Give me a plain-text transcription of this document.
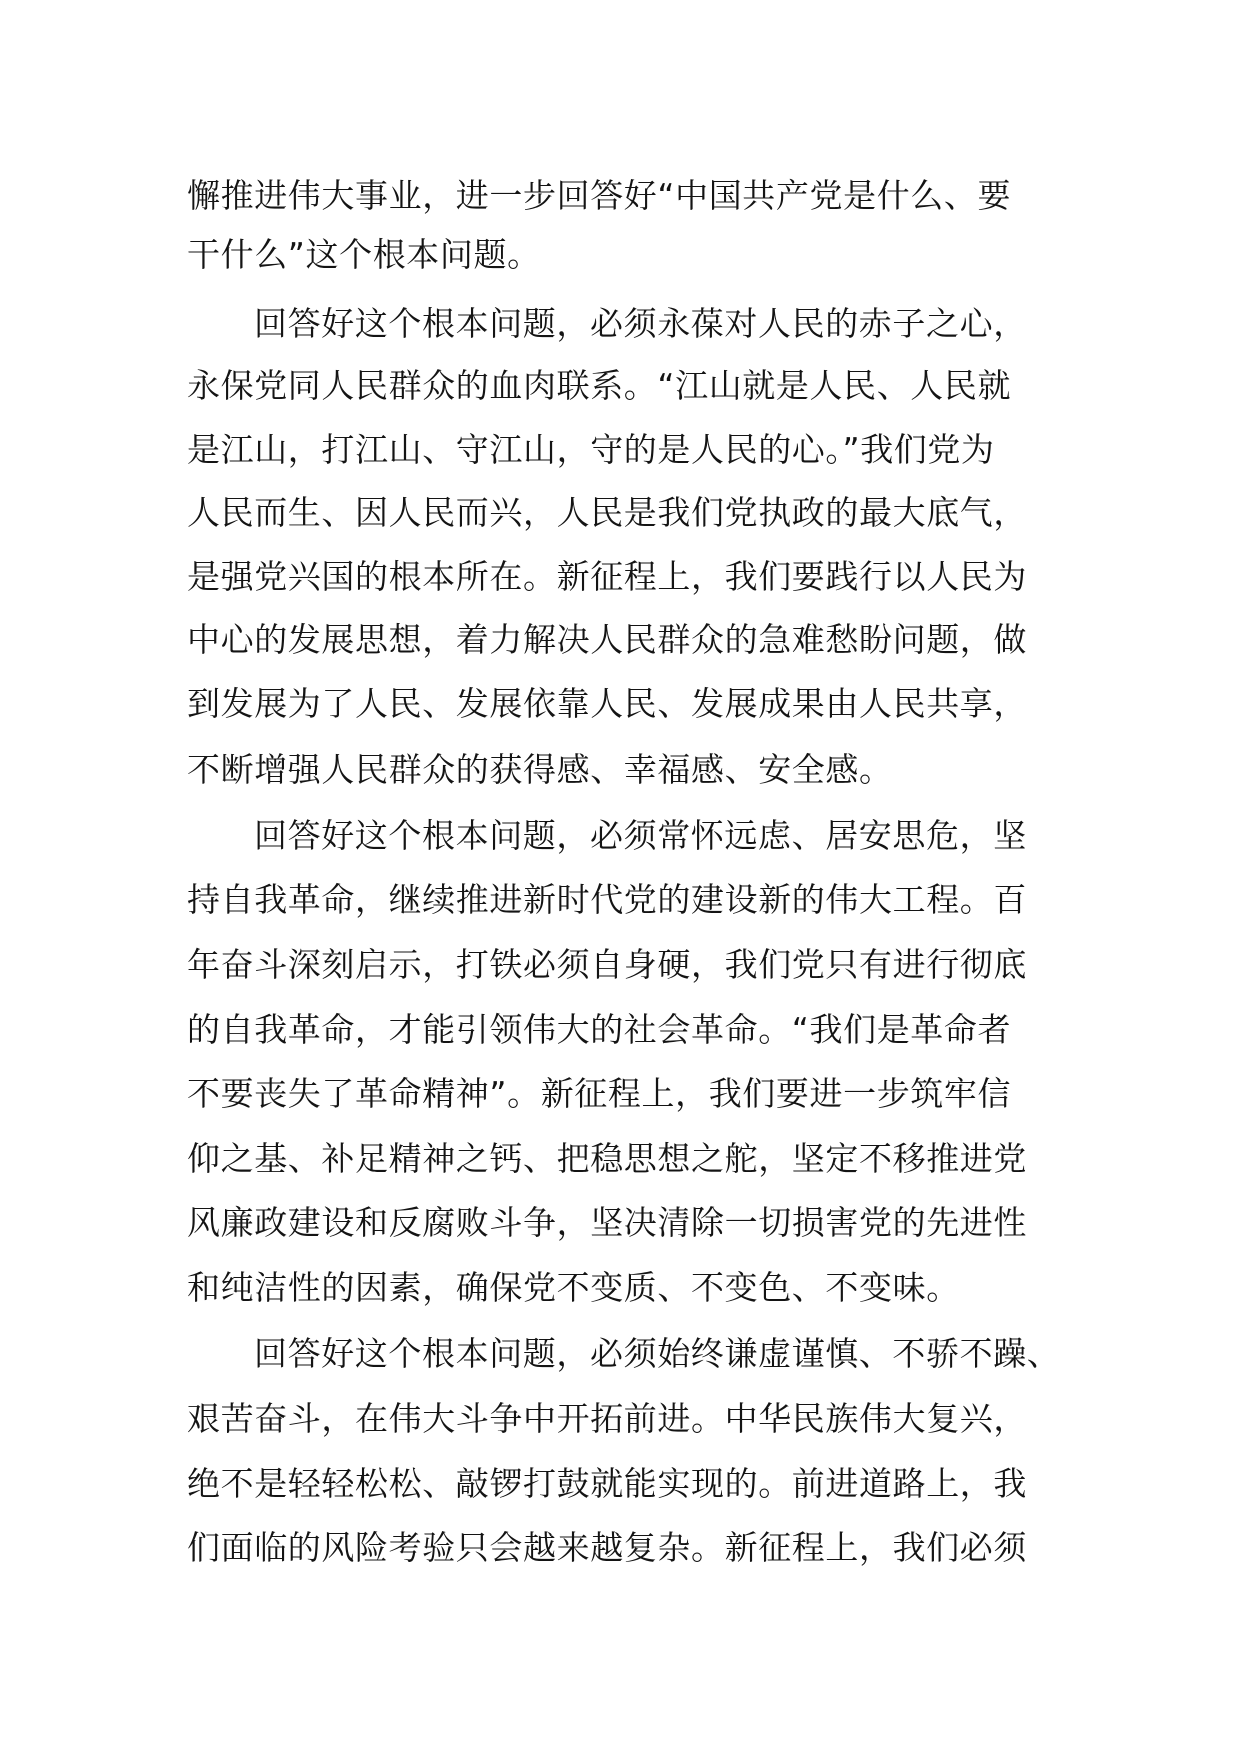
懈推进伟大事业，进一步回答好“中国共产党是什么、要
干什么”这个根本问题。
回答好这个根本问题，必须永葆对人民的赤子之心，
永保党同人民群众的血肉联系。“江山就是人民、人民就
是江山，打江山、守江山，守的是人民的心。”我们党为
人民而生、因人民而兴，人民是我们党执政的最大底气，
是强党兴国的根本所在。新征程上，我们要践行以人民为
中心的发展思想，着力解决人民群众的急难愁盼问题，做
到发展为了人民、发展依靠人民、发展成果由人民共享，
不断增强人民群众的获得感、幸福感、安全感。
回答好这个根本问题，必须常怀远虑、居安思危，坚
持自我革命，继续推进新时代党的建设新的伟大工程。百
年奋斗深刻启示，打铁必须自身硬，我们党只有进行彻底
的自我革命，才能引领伟大的社会革命。“我们是革命者
不要丧失了革命精神”。新征程上，我们要进一步筑牢信
仰之基、补足精神之钙、把稳思想之舵，坚定不移推进党
风廉政建设和反腐败斗争，坚决清除一切损害党的先进性
和纯洁性的因素，确保党不变质、不变色、不变味。
回答好这个根本问题，必须始终谦虚谨慎、不骄不躁、
艰苦奋斗，在伟大斗争中开拓前进。中华民族伟大复兴，
绝不是轻轻松松、敲锣打鼓就能实现的。前进道路上，我
们面临的风险考验只会越来越复杂。新征程上，我们必须
